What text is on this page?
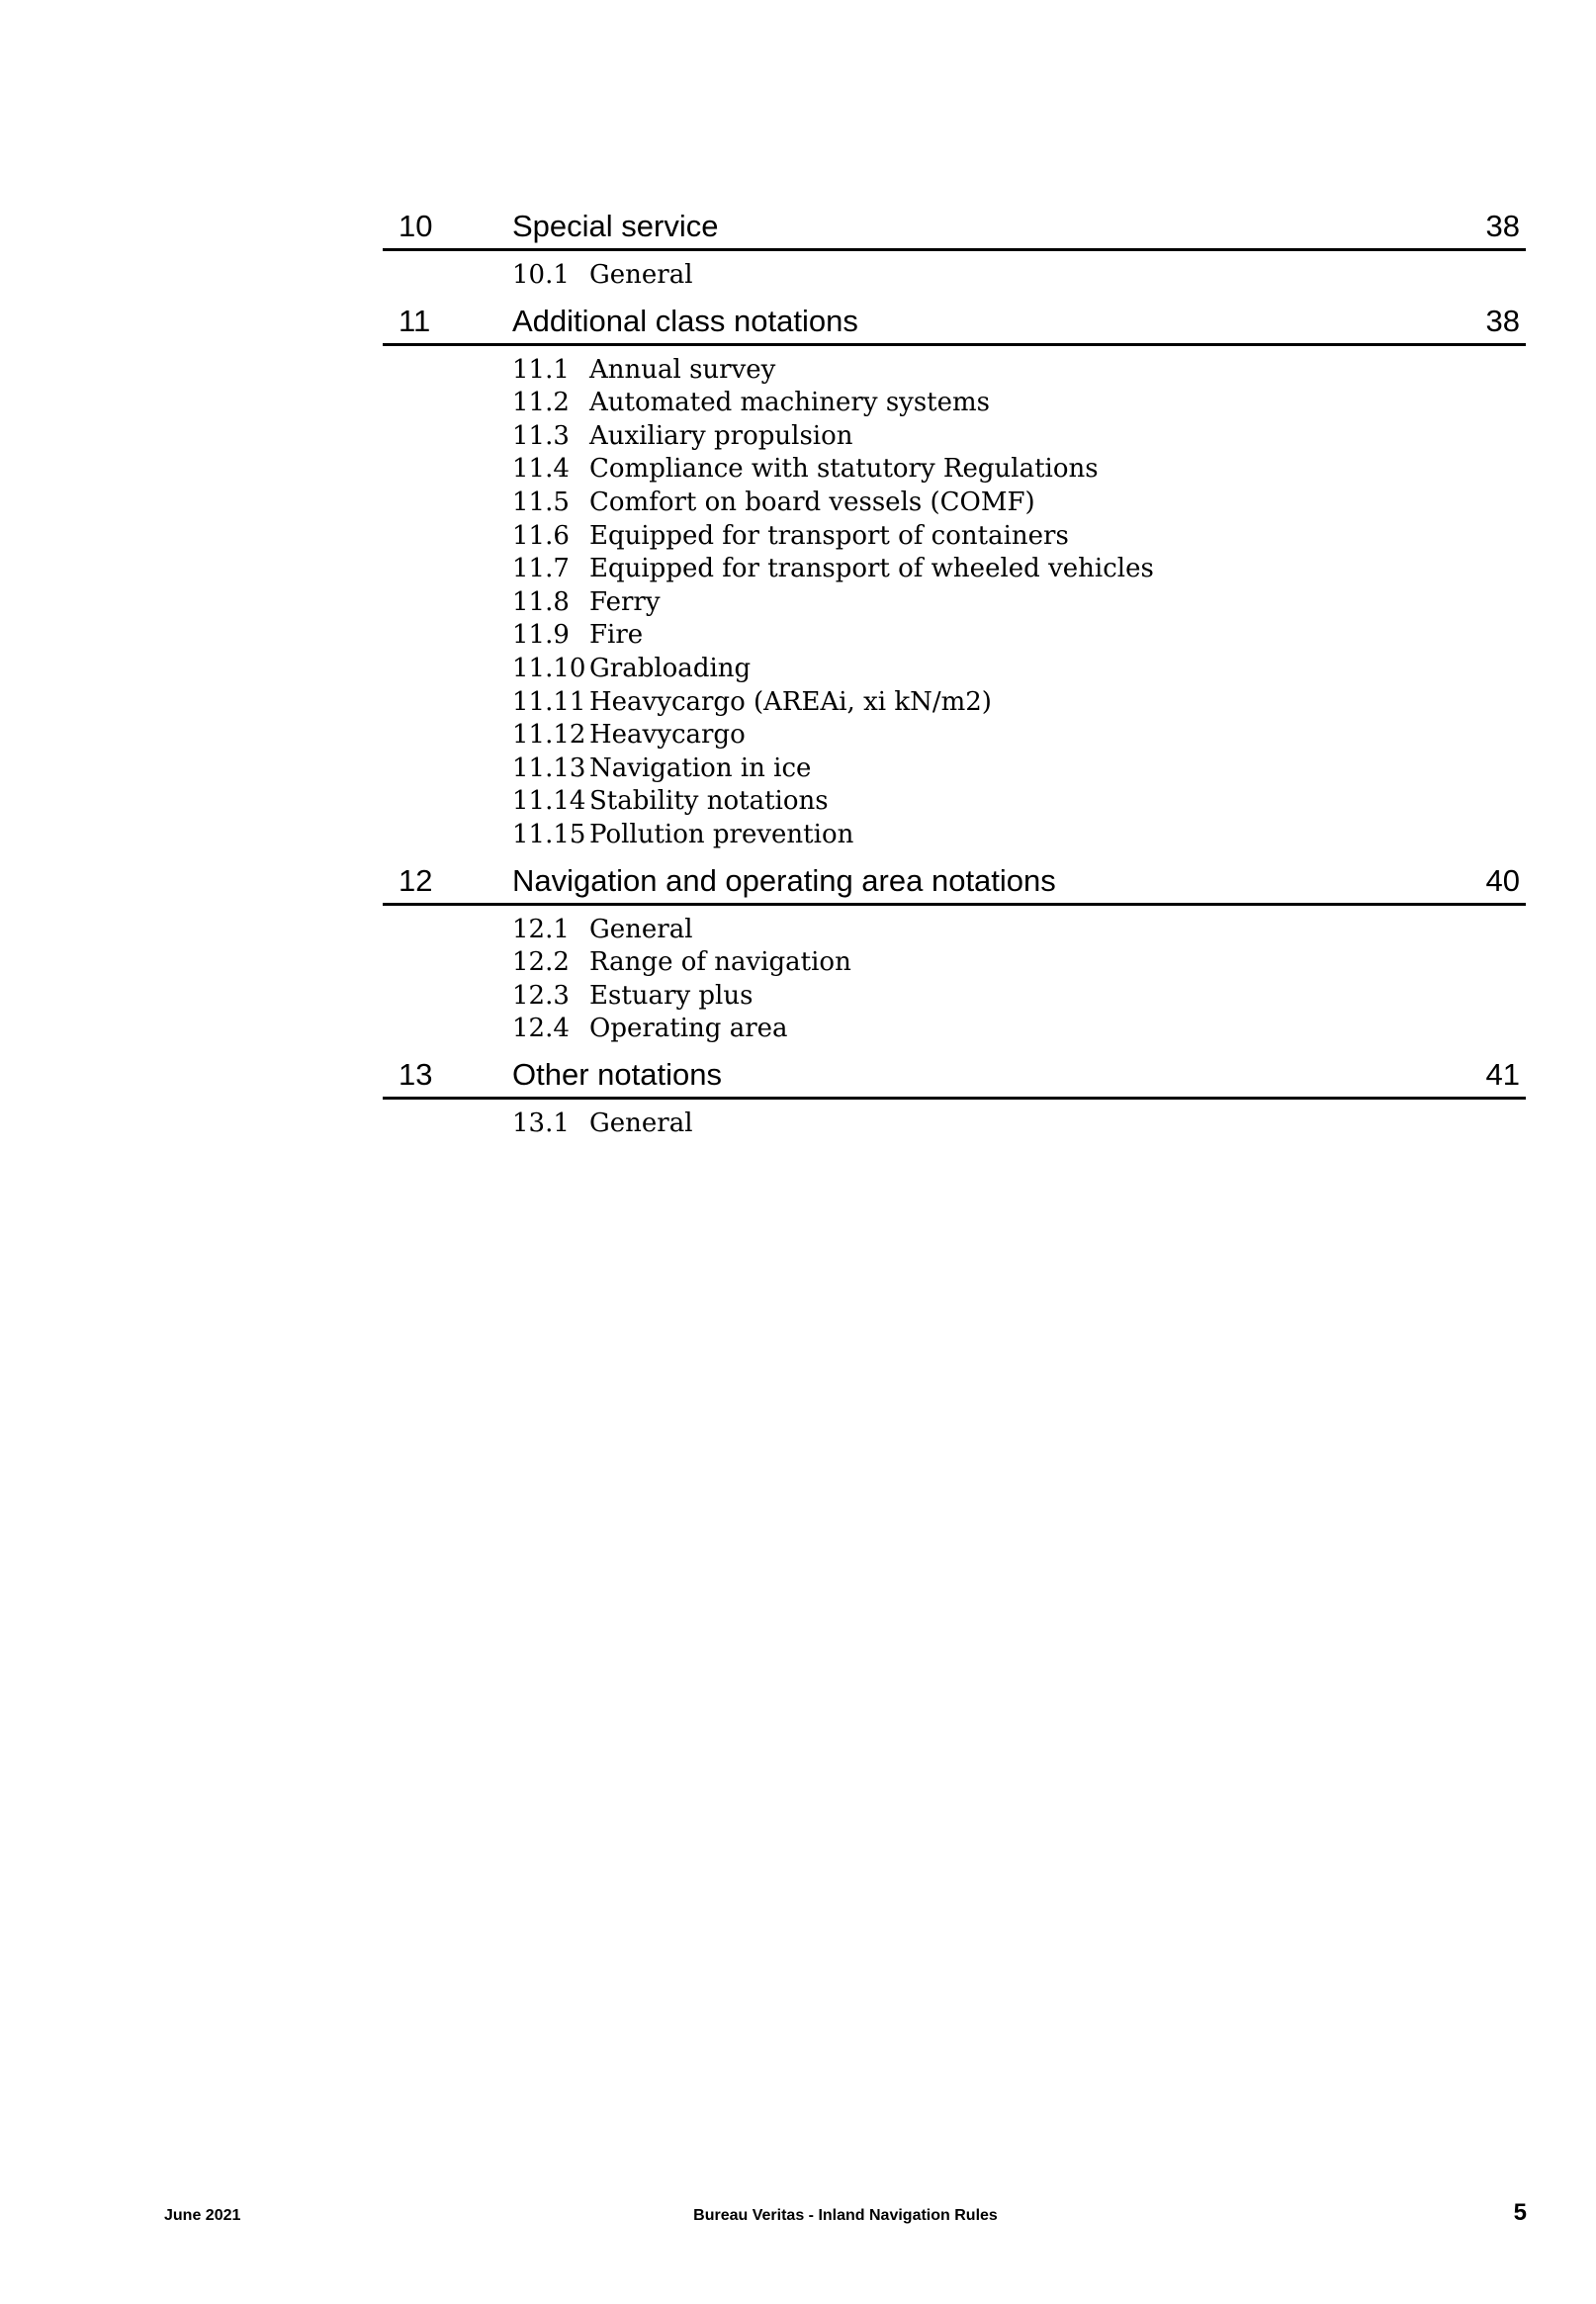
10	Special service	38
10.1 General
11	Additional class notations	38
11.1 Annual survey
11.2 Automated machinery systems
11.3 Auxiliary propulsion
11.4 Compliance with statutory Regulations
11.5 Comfort on board vessels (COMF)
11.6 Equipped for transport of containers
11.7 Equipped for transport of wheeled vehicles
11.8 Ferry
11.9 Fire
11.10 Grabloading
11.11 Heavycargo (AREAi, xi kN/m2)
11.12 Heavycargo
11.13 Navigation in ice
11.14 Stability notations
11.15 Pollution prevention
12	Navigation and operating area notations	40
12.1 General
12.2 Range of navigation
12.3 Estuary plus
12.4 Operating area
13	Other notations	41
13.1 General
June 2021	Bureau Veritas - Inland Navigation Rules	5
